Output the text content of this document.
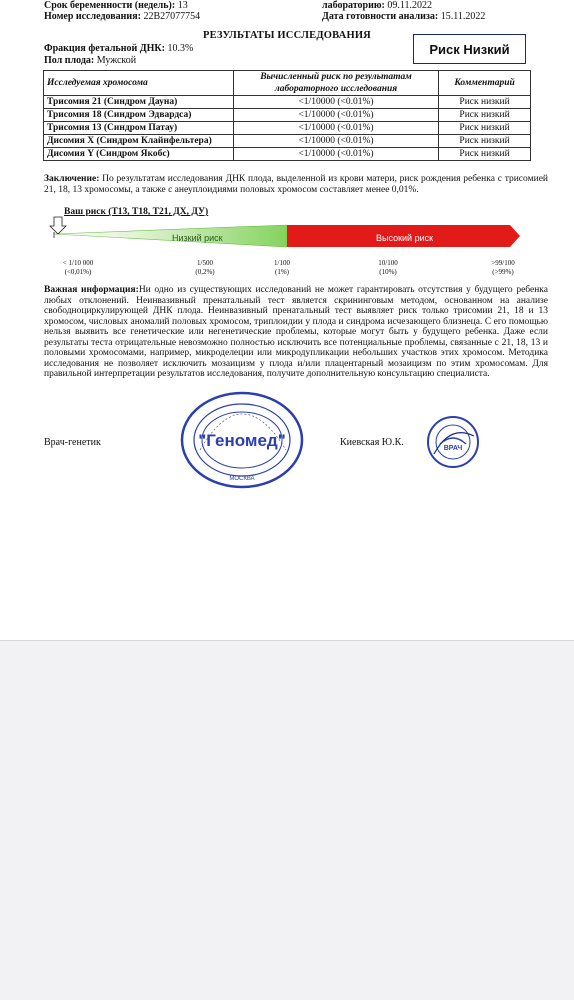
Срок беременности (недель): 13	лабораторию: 09.11.2022
Номер исследования: 22В27077754	Дата готовности анализа: 15.11.2022
РЕЗУЛЬТАТЫ ИССЛЕДОВАНИЯ
Риск Низкий
Фракция фетальной ДНК: 10.3%
Пол плода: Мужской
Исследуемая хромосома	Вычисленный риск по результатам лабораторного исследования	Комментарий
Трисомия 21 (Синдром Дауна)	<1/10000 (<0.01%)	Риск низкий
Трисомия 18 (Синдром Эдвардса)	<1/10000 (<0.01%)	Риск низкий
Трисомия 13 (Синдром Патау)	<1/10000 (<0.01%)	Риск низкий
Дисомия X (Синдром Клайнфельтера)	<1/10000 (<0.01%)	Риск низкий
Дисомия Y (Синдром Якобс)	<1/10000 (<0.01%)	Риск низкий
Заключение: По результатам исследования ДНК плода, выделенной из крови матери, риск рождения ребенка с трисомией 21, 18, 13 хромосомы, а также с анеуплоидиями половых хромосом составляет менее 0,01%.
Ваш риск (Т13, Т18, Т21, ДХ, ДУ)
Низкий риск	Высокий риск
< 1/10 000
(<0,01%)
1/500
(0,2%)
1/100
(1%)
10/100
(10%)
>99/100
(>99%)
Важная информация:Ни одно из существующих исследований не может гарантировать отсутствия у будущего ребенка любых отклонений. Неинвазивный пренатальный тест является скрининговым методом, основанном на анализе свободноциркулирующей ДНК плода. Неинвазивный пренатальный тест выявляет риск только трисомии 21, 18 и 13 хромосом, числовых аномалий половых хромосом, триплоидии у плода и синдрома исчезающего близнеца. С его помощью нельзя выявить все генетические или негенетические проблемы, которые могут быть у будущего ребенка. Даже если результаты теста отрицательные невозможно полностью исключить все потенциальные проблемы, связанные с 21, 18, 13 и половыми хромосомами, например, микроделеции или микродупликации небольших участков этих хромосом. Методика исследования не позволяет исключить мозаицизм у плода и/или плацентарный мозаицизм по этим хромосомам. Для правильной интерпретации результатов исследования, получите дополнительную консультацию специалиста.
Врач-генетик	Киевская Ю.К.
"Геномед"
МОСКВА
ВРАЧ
